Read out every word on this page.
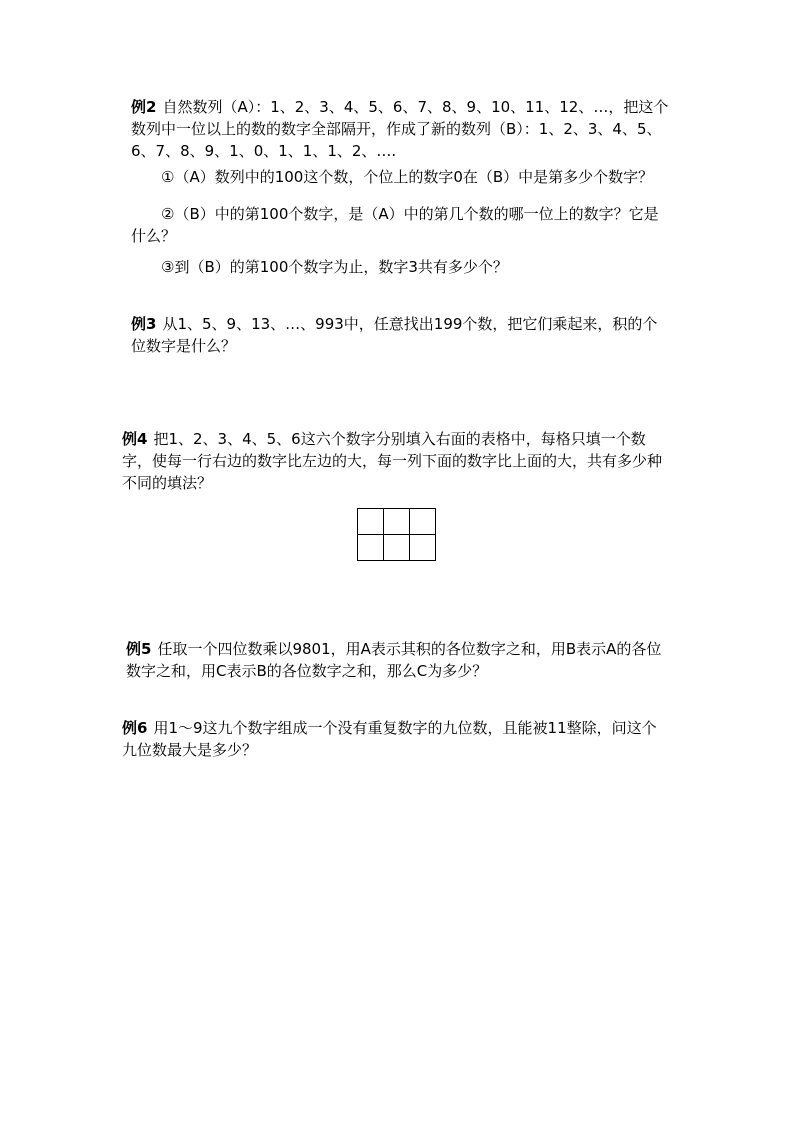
例2 自然数列（A）：1、2、3、4、5、6、7、8、9、10、11、12、…，把这个数列中一位以上的数的数字全部隔开，作成了新的数列（B）：1、2、3、4、5、6、7、8、9、1、0、1、1、1、2、….

①（A）数列中的100这个数，个位上的数字0在（B）中是第多少个数字？

②（B）中的第100个数字，是（A）中的第几个数的哪一位上的数字？它是什么？

③到（B）的第100个数字为止，数字3共有多少个？

例3 从1、5、9、13、…、993中，任意找出199个数，把它们乘起来，积的个位数字是什么？

例4 把1、2、3、4、5、6这六个数字分别填入右面的表格中，每格只填一个数字，使每一行右边的数字比左边的大，每一列下面的数字比上面的大，共有多少种不同的填法？

例5 任取一个四位数乘以9801，用A表示其积的各位数字之和，用B表示A的各位数字之和，用C表示B的各位数字之和，那么C为多少？

例6 用1～9这九个数字组成一个没有重复数字的九位数，且能被11整除，问这个九位数最大是多少？
